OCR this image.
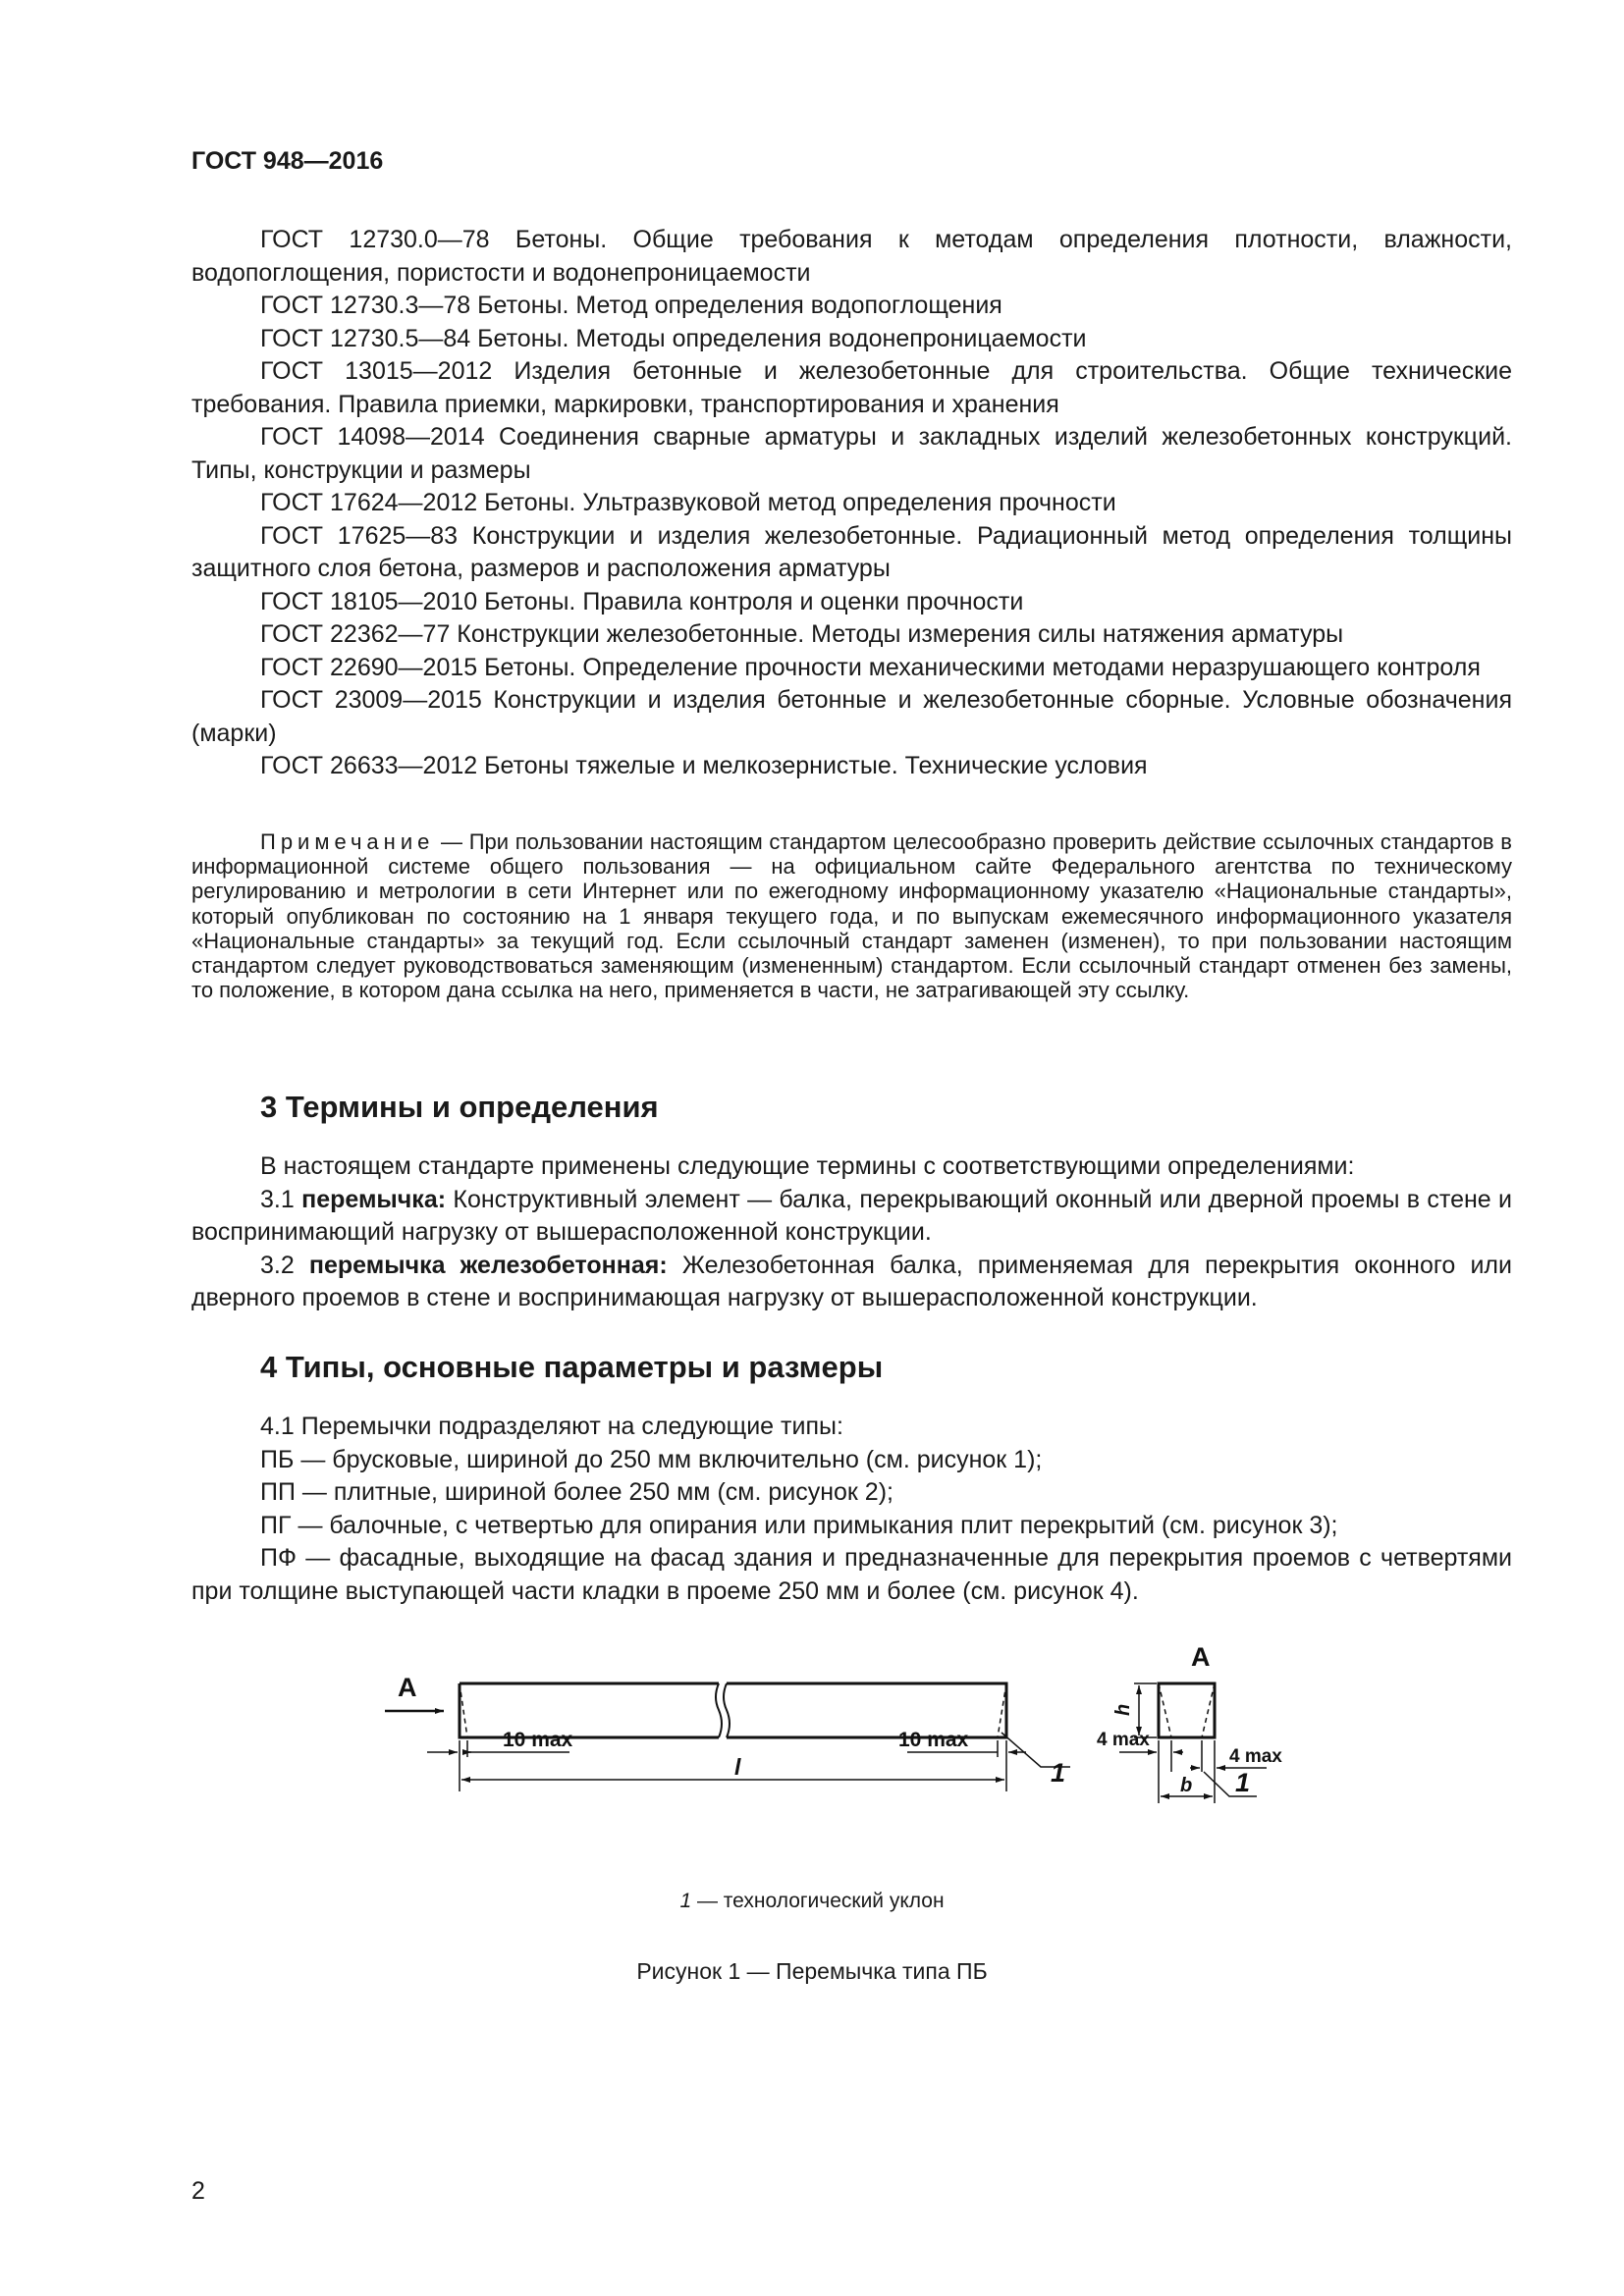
ГОСТ 948—2016

ГОСТ 12730.0—78 Бетоны. Общие требования к методам определения плотности, влажности, водопоглощения, пористости и водонепроницаемости

ГОСТ 12730.3—78 Бетоны. Метод определения водопоглощения

ГОСТ 12730.5—84 Бетоны. Методы определения водонепроницаемости

ГОСТ 13015—2012 Изделия бетонные и железобетонные для строительства. Общие технические требования. Правила приемки, маркировки, транспортирования и хранения

ГОСТ 14098—2014 Соединения сварные арматуры и закладных изделий железобетонных конструкций. Типы, конструкции и размеры

ГОСТ 17624—2012 Бетоны. Ультразвуковой метод определения прочности

ГОСТ 17625—83 Конструкции и изделия железобетонные. Радиационный метод определения толщины защитного слоя бетона, размеров и расположения арматуры

ГОСТ 18105—2010 Бетоны. Правила контроля и оценки прочности

ГОСТ 22362—77 Конструкции железобетонные. Методы измерения силы натяжения арматуры

ГОСТ 22690—2015 Бетоны. Определение прочности механическими методами неразрушающего контроля

ГОСТ 23009—2015 Конструкции и изделия бетонные и железобетонные сборные. Условные обозначения (марки)

ГОСТ 26633—2012 Бетоны тяжелые и мелкозернистые. Технические условия

Примечание — При пользовании настоящим стандартом целесообразно проверить действие ссылочных стандартов в информационной системе общего пользования — на официальном сайте Федерального агентства по техническому регулированию и метрологии в сети Интернет или по ежегодному информационному указателю «Национальные стандарты», который опубликован по состоянию на 1 января текущего года, и по выпускам ежемесячного информационного указателя «Национальные стандарты» за текущий год. Если ссылочный стандарт заменен (изменен), то при пользовании настоящим стандартом следует руководствоваться заменяющим (измененным) стандартом. Если ссылочный стандарт отменен без замены, то положение, в котором дана ссылка на него, применяется в части, не затрагивающей эту ссылку.

3 Термины и определения

В настоящем стандарте применены следующие термины с соответствующими определениями:

3.1 перемычка: Конструктивный элемент — балка, перекрывающий оконный или дверной проемы в стене и воспринимающий нагрузку от вышерасположенной конструкции.

3.2 перемычка железобетонная: Железобетонная балка, применяемая для перекрытия оконного или дверного проемов в стене и воспринимающая нагрузку от вышерасположенной конструкции.

4 Типы, основные параметры и размеры

4.1 Перемычки подразделяют на следующие типы:

ПБ — брусковые, шириной до 250 мм включительно (см. рисунок 1);

ПП — плитные, шириной более 250 мм (см. рисунок 2);

ПГ — балочные, с четвертью для опирания или примыкания плит перекрытий (см. рисунок 3);

ПФ — фасадные, выходящие на фасад здания и предназначенные для перекрытия проемов с четвертями при толщине выступающей части кладки в проеме 250 мм и более (см. рисунок 4).

А
10 max	10 max
l	1
А
h
4 max
4 max
b 1
1 — технологический уклон
Рисунок 1 — Перемычка типа ПБ
2
